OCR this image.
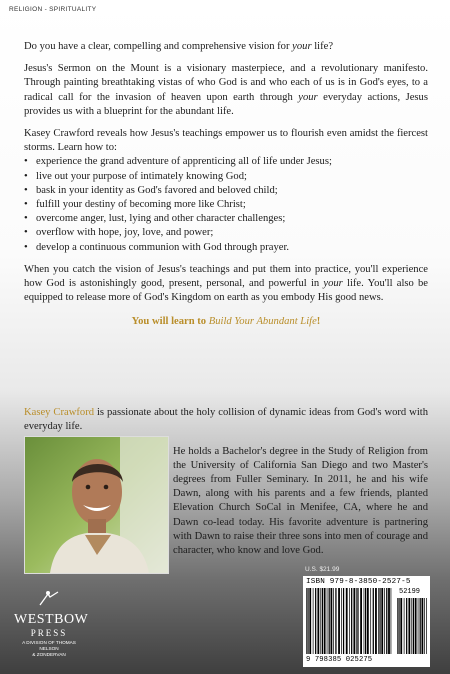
RELIGION - SPIRITUALITY

Do you have a clear, compelling and comprehensive vision for your life?

Jesus's Sermon on the Mount is a visionary masterpiece, and a revolutionary manifesto. Through painting breathtaking vistas of who God is and who each of us is in God's eyes, to a radical call for the invasion of heaven upon earth through your everyday actions, Jesus provides us with a blueprint for the abundant life.

Kasey Crawford reveals how Jesus's teachings empower us to flourish even amidst the fiercest storms. Learn how to:

• experience the grand adventure of apprenticing all of life under Jesus;
• live out your purpose of intimately knowing God;
• bask in your identity as God's favored and beloved child;
• fulfill your destiny of becoming more like Christ;
• overcome anger, lust, lying and other character challenges;
• overflow with hope, joy, love, and power;
• develop a continuous communion with God through prayer.

When you catch the vision of Jesus's teachings and put them into practice, you'll experience how God is astonishingly good, present, personal, and powerful in your life. You'll also be equipped to release more of God's Kingdom on earth as you embody His good news.

You will learn to Build Your Abundant Life!

Kasey Crawford is passionate about the holy collision of dynamic ideas from God's word with everyday life.

He holds a Bachelor's degree in the Study of Religion from the University of California San Diego and two Master's degrees from Fuller Seminary. In 2011, he and his wife Dawn, along with his parents and a few friends, planted Elevation Church SoCal in Menifee, CA, where he and Dawn co-lead today. His favorite adventure is partnering with Dawn to raise their three sons into men of courage and character, who know and love God.

WESTBOW
PRESS
A DIVISION OF THOMAS NELSON
& ZONDERVAN
U.S. $21.99
ISBN 979-8-3850-2527-5
52199
9 798385 025275
